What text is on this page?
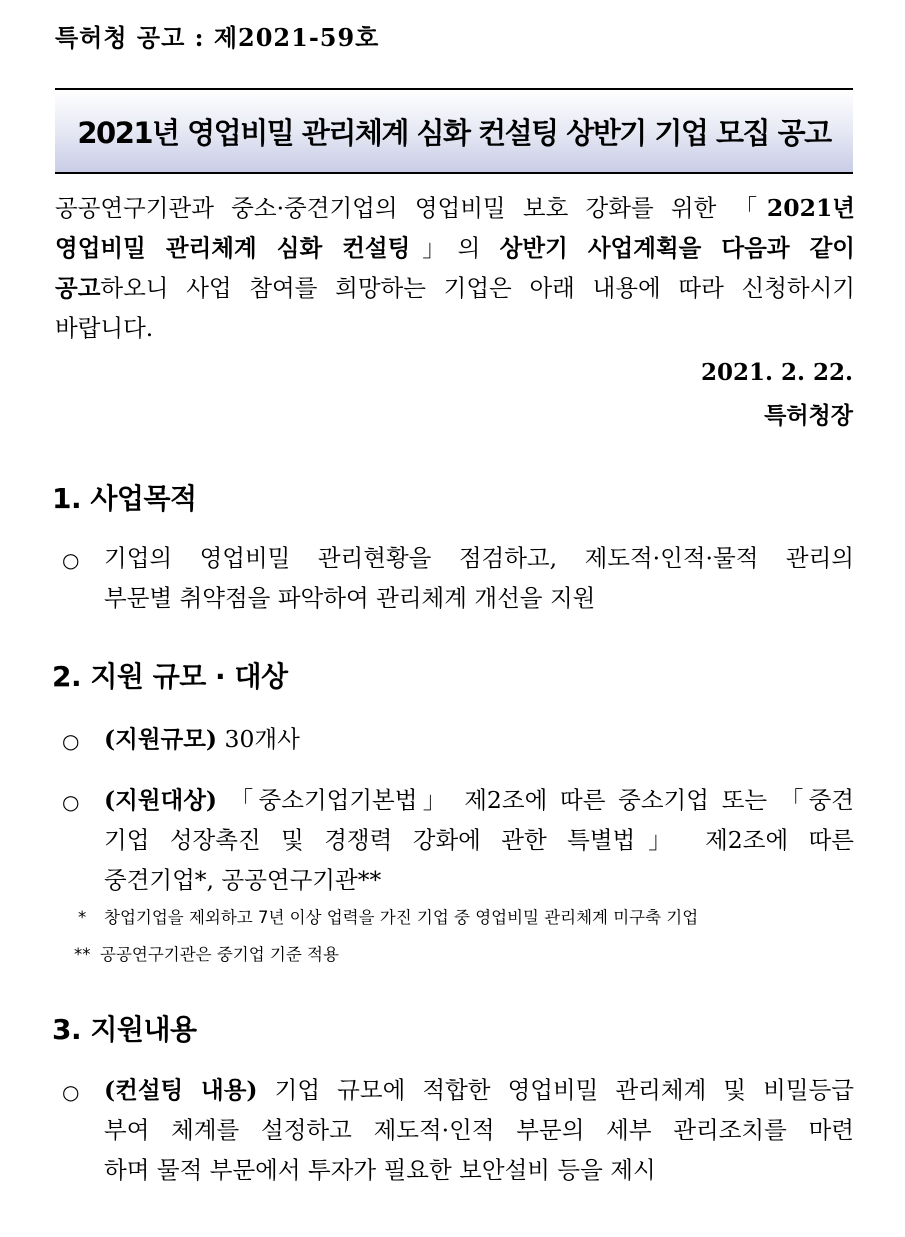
특허청 공고 : 제2021-59호
2021년 영업비밀 관리체계 심화 컨설팅 상반기 기업 모집 공고
공공연구기관과 중소·중견기업의 영업비밀 보호 강화를 위한 「2021년
영업비밀 관리체계 심화 컨설팅」의 상반기 사업계획을 다음과 같이
공고하오니 사업 참여를 희망하는 기업은 아래 내용에 따라 신청하시기
바랍니다.
2021. 2. 22.
특허청장
1. 사업목적
○	기업의 영업비밀 관리현황을 점검하고, 제도적·인적·물적 관리의
부문별 취약점을 파악하여 관리체계 개선을 지원
2. 지원 규모 · 대상
○	(지원규모) 30개사
○	(지원대상) 「중소기업기본법」 제2조에 따른 중소기업 또는 「중견
기업 성장촉진 및 경쟁력 강화에 관한 특별법」 제2조에 따른
중견기업*, 공공연구기관**
* 창업기업을 제외하고 7년 이상 업력을 가진 기업 중 영업비밀 관리체계 미구축 기업
** 공공연구기관은 중기업 기준 적용
3. 지원내용
○	(컨설팅 내용) 기업 규모에 적합한 영업비밀 관리체계 및 비밀등급
부여 체계를 설정하고 제도적·인적 부문의 세부 관리조치를 마련
하며 물적 부문에서 투자가 필요한 보안설비 등을 제시
